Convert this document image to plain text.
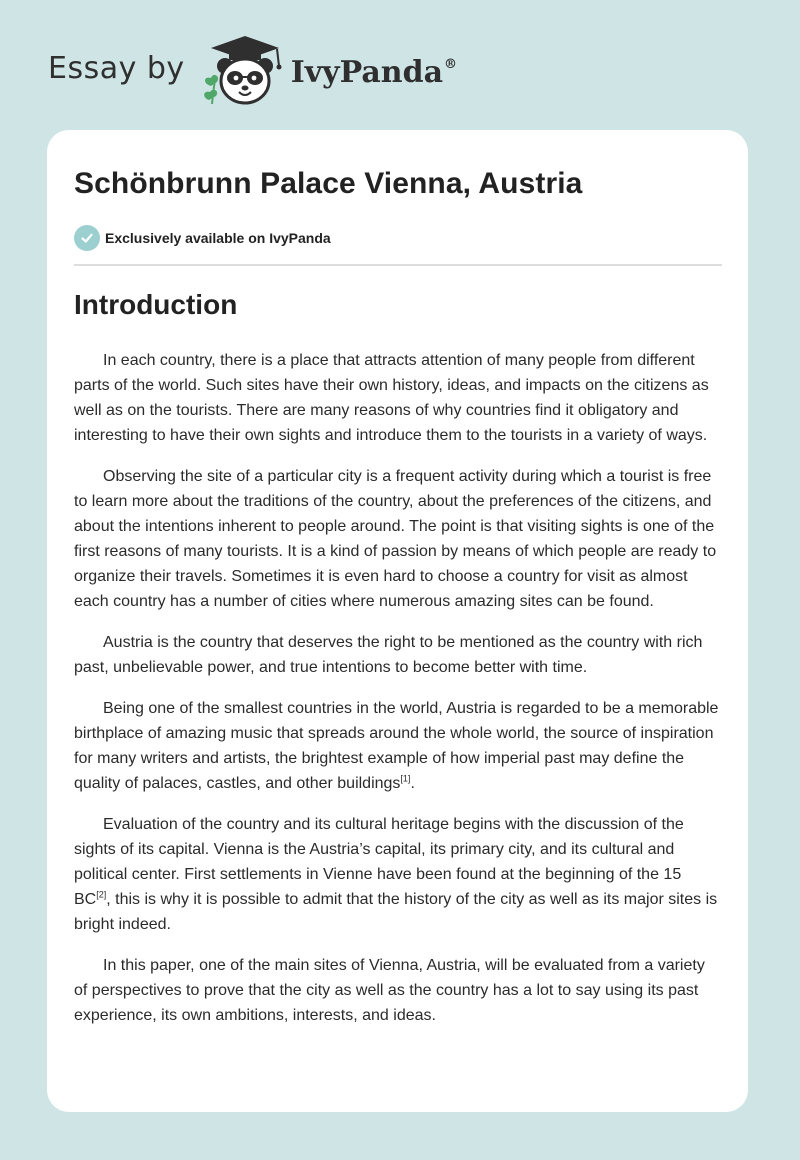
Essay by	IvyPanda®
Schönbrunn Palace Vienna, Austria
Exclusively available on IvyPanda
Introduction

In each country, there is a place that attracts attention of many people from different parts of the world. Such sites have their own history, ideas, and impacts on the citizens as well as on the tourists. There are many reasons of why countries find it obligatory and interesting to have their own sights and introduce them to the tourists in a variety of ways.

Observing the site of a particular city is a frequent activity during which a tourist is free to learn more about the traditions of the country, about the preferences of the citizens, and about the intentions inherent to people around. The point is that visiting sights is one of the first reasons of many tourists. It is a kind of passion by means of which people are ready to organize their travels. Sometimes it is even hard to choose a country for visit as almost each country has a number of cities where numerous amazing sites can be found.

Austria is the country that deserves the right to be mentioned as the country with rich past, unbelievable power, and true intentions to become better with time.

Being one of the smallest countries in the world, Austria is regarded to be a memorable birthplace of amazing music that spreads around the whole world, the source of inspiration for many writers and artists, the brightest example of how imperial past may define the quality of palaces, castles, and other buildings[1].

Evaluation of the country and its cultural heritage begins with the discussion of the sights of its capital. Vienna is the Austria’s capital, its primary city, and its cultural and political center. First settlements in Vienne have been found at the beginning of the 15 BC[2], this is why it is possible to admit that the history of the city as well as its major sites is bright indeed.

In this paper, one of the main sites of Vienna, Austria, will be evaluated from a variety of perspectives to prove that the city as well as the country has a lot to say using its past experience, its own ambitions, interests, and ideas.
